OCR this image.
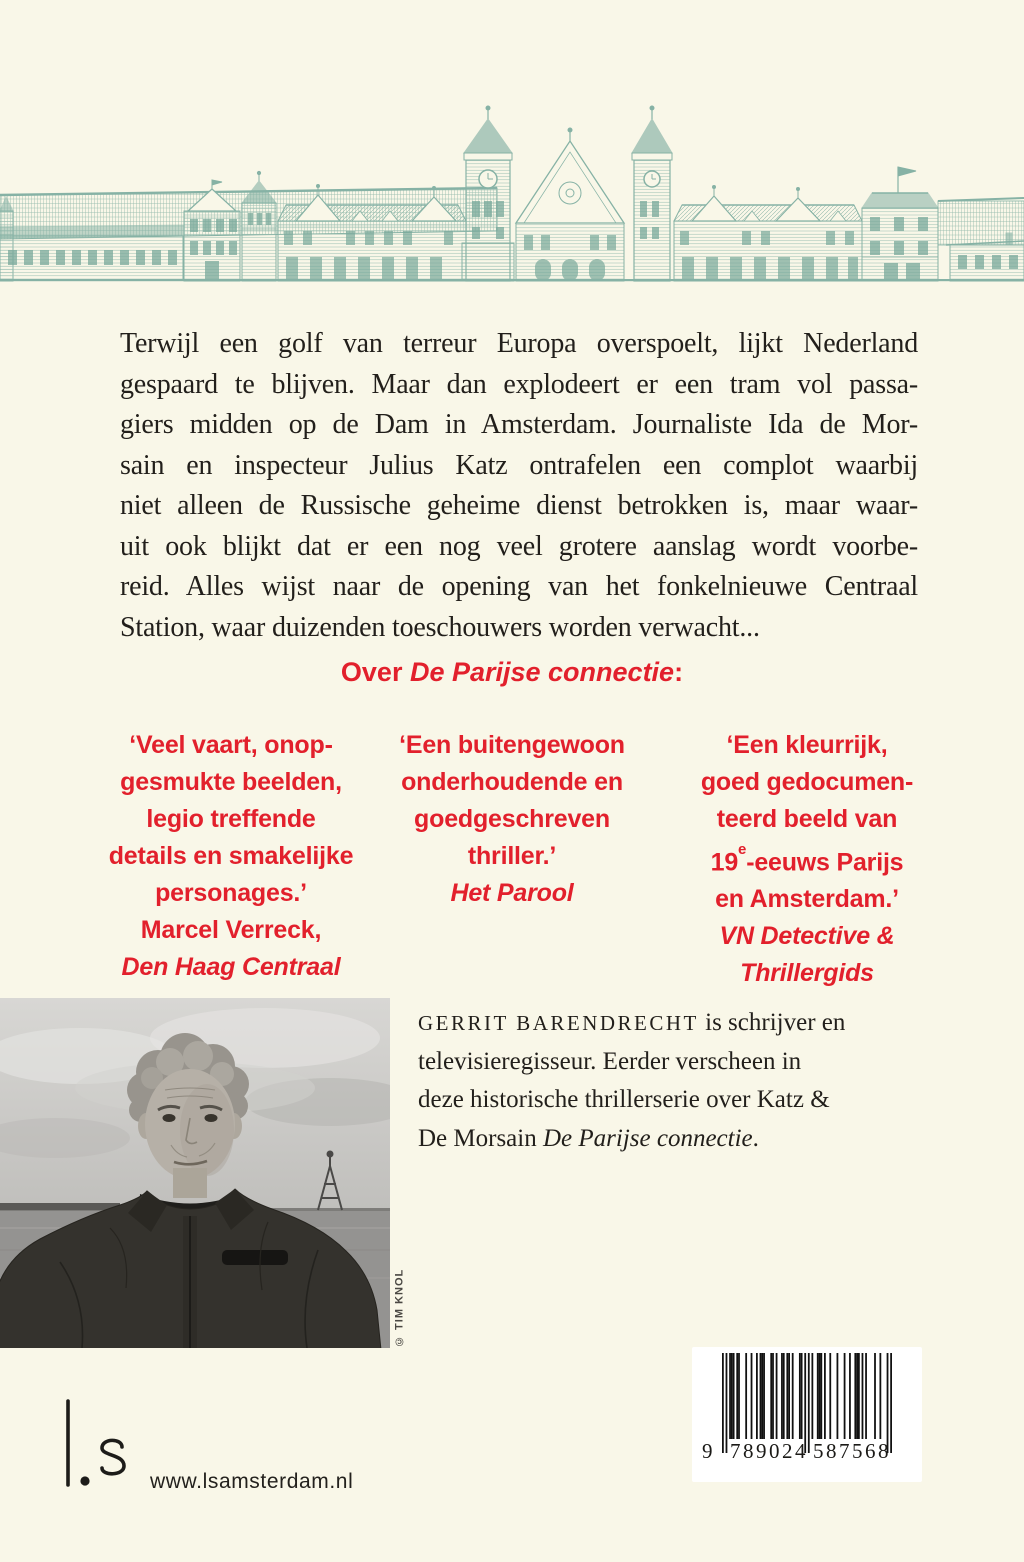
Terwijl een golf van terreur Europa overspoelt, lijkt Nederland
gespaard te blijven. Maar dan explodeert er een tram vol passa-
giers midden op de Dam in Amsterdam. Journaliste Ida de Mor-
sain en inspecteur Julius Katz ontrafelen een complot waarbij
niet alleen de Russische geheime dienst betrokken is, maar waar-
uit ook blijkt dat er een nog veel grotere aanslag wordt voorbe-
reid. Alles wijst naar de opening van het fonkelnieuwe Centraal
Station, waar duizenden toeschouwers worden verwacht...
Over De Parijse connectie:
‘Veel vaart, onop-
gesmukte beelden,
legio treffende
details en smakelijke
personages.’
Marcel Verreck,
Den Haag Centraal
‘Een buitengewoon
onderhoudende en
goedgeschreven
thriller.’
Het Parool
‘Een kleurrijk,
goed gedocumen-
teerd beeld van
19e-eeuws Parijs
en Amsterdam.’
VN Detective &
Thrillergids
© TIM KNOL
GERRIT BARENDRECHT is schrijver en
televisieregisseur. Eerder verscheen in
deze historische thrillerserie over Katz &
De Morsain De Parijse connectie.
www.lsamsterdam.nl
9 789024 587568
